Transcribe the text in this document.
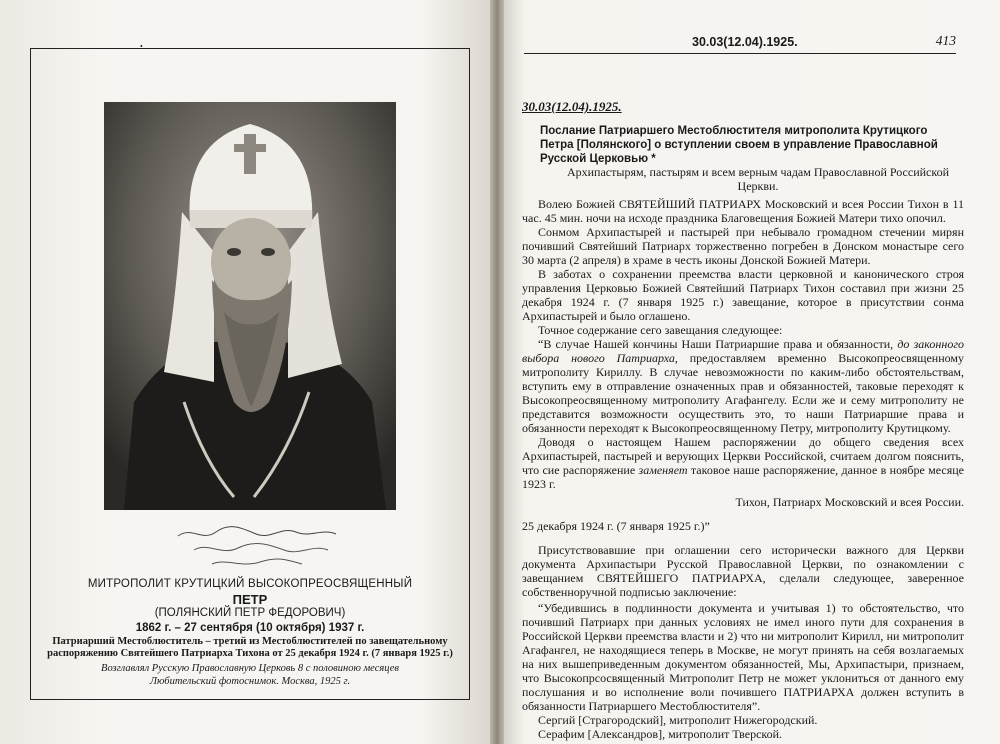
•
МИТРОПОЛИТ КРУТИЦКИЙ ВЫСОКОПРЕОСВЯЩЕННЫЙ
ПЕТР
(ПОЛЯНСКИЙ ПЕТР ФЕДОРОВИЧ)
1862 г. – 27 сентября (10 октября) 1937 г.
Патриарший Местоблюститель – третий из Местоблюстителей по завещательному
распоряжению Святейшего Патриарха Тихона от 25 декабря 1924 г. (7 января 1925 г.)
Возглавлял Русскую Православную Церковь 8 с половиною месяцев
Любительский фотоснимок. Москва, 1925 г.
30.03(12.04).1925.	413
30.03(12.04).1925.
Послание Патриаршего Местоблюстителя митрополита Крутицкого Петра [Полянского] о вступлении своем в управление Православной Русской Церковью *
Архипастырям, пастырям и всем верным чадам Православной Российской Церкви.

Волею Божией СВЯТЕЙШИЙ ПАТРИАРХ Московский и всея России Тихон в 11 час. 45 мин. ночи на исходе праздника Благовещения Божией Матери тихо опочил.

Сонмом Архипастырей и пастырей при небывало громадном стечении мирян почивший Святейший Патриарх торжественно погребен в Донском монастыре сего 30 марта (2 апреля) в храме в честь иконы Донской Божией Матери.

В заботах о сохранении преемства власти церковной и канонического строя управления Церковью Божией Святейший Патриарх Тихон составил при жизни 25 декабря 1924 г. (7 января 1925 г.) завещание, которое в присутствии сонма Архипастырей и было оглашено.

Точное содержание сего завещания следующее:

“В случае Нашей кончины Наши Патриаршие права и обязанности, до законного выбора нового Патриарха, предоставляем временно Высокопреосвященному митрополиту Кириллу. В случае невозможности по каким-либо обстоятельствам, вступить ему в отправление означенных прав и обязанностей, таковые переходят к Высокопреосвященному митрополиту Агафангелу. Если же и сему митрополиту не представится возможности осуществить это, то наши Патриаршие права и обязанности переходят к Высокопреосвященному Петру, митрополиту Крутицкому.

Доводя о настоящем Нашем распоряжении до общего сведения всех Архипастырей, пастырей и верующих Церкви Российской, считаем долгом пояснить, что сие распоряжение заменяет таковое наше распоряжение, данное в ноябре месяце 1923 г.

Тихон, Патриарх Московский и всея России.

25 декабря 1924 г. (7 января 1925 г.)”

Присутствовавшие при оглашении сего исторически важного для Церкви документа Архипастыри Русской Православной Церкви, по ознакомлении с завещанием СВЯТЕЙШЕГО ПАТРИАРХА, сделали следующее, заверенное собственноручной подписью заключение:

“Убедившись в подлинности документа и учитывая 1) то обстоятельство, что почивший Патриарх при данных условиях не имел иного пути для сохранения в Российской Церкви преемства власти и 2) что ни митрополит Кирилл, ни митрополит Агафангел, не находящиеся теперь в Москве, не могут принять на себя возлагаемых на них вышеприведенным документом обязанностей, Мы, Архипастыри, признаем, что Высокопрсосвященный Митрополит Петр не может уклониться от данного ему послушания и во исполнение воли почившего ПАТРИАРХА должен вступить в обязанности Патриаршего Местоблюстителя”.

Сергий [Страгородский], митрополит Нижегородский.

Серафим [Александров], митрополит Тверской.
